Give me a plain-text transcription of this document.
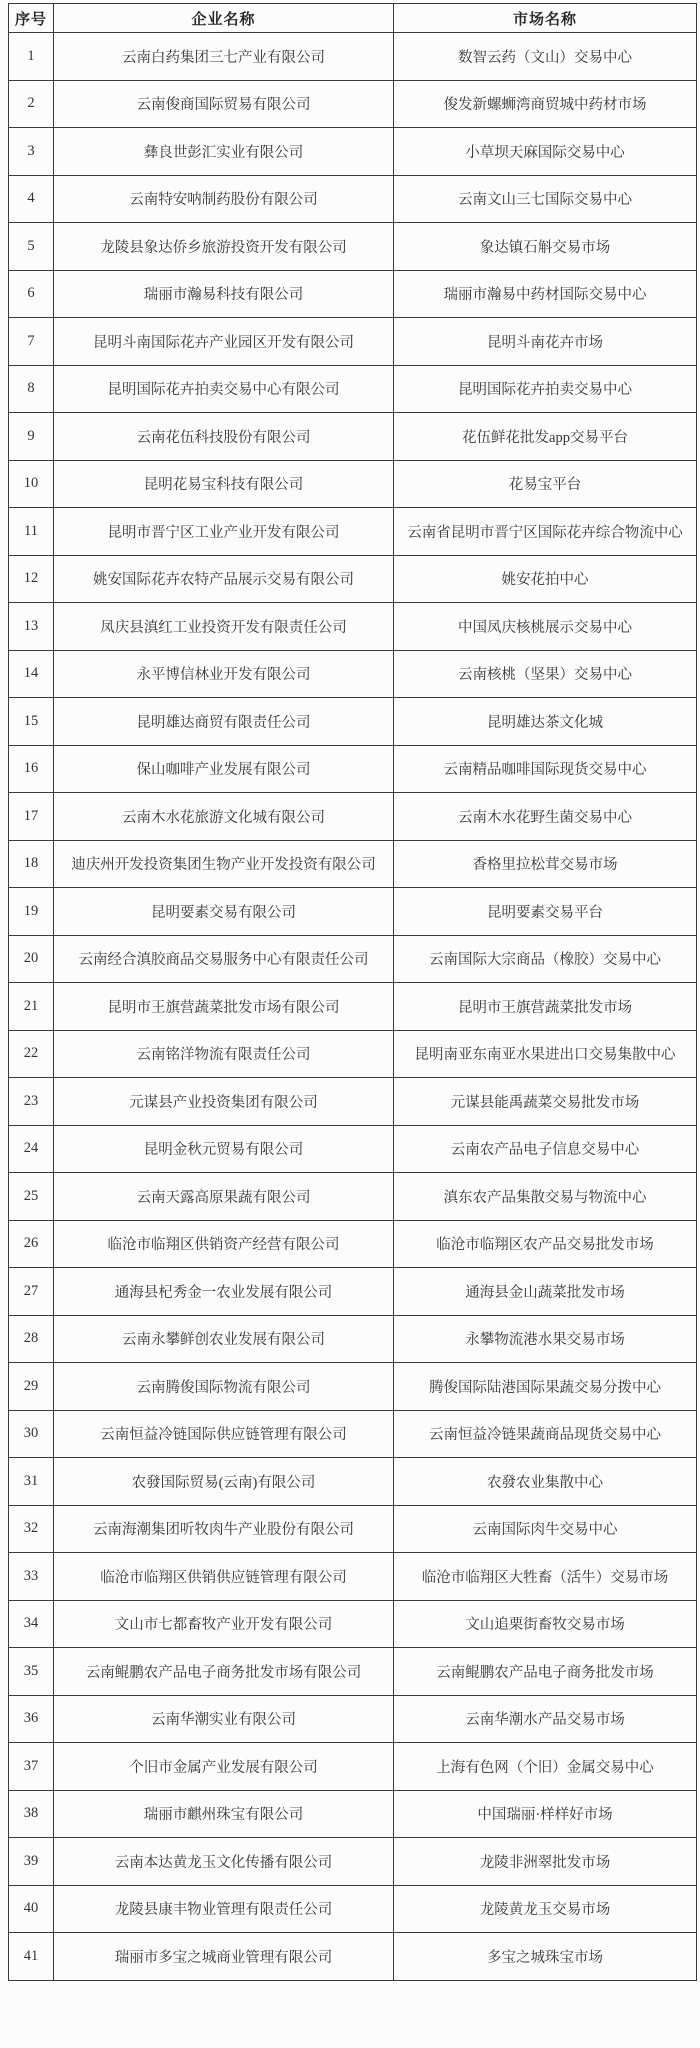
序号	企业名称	市场名称
1	云南白药集团三七产业有限公司	数智云药（文山）交易中心
2	云南俊商国际贸易有限公司	俊发新螺蛳湾商贸城中药材市场
3	彝良世彭汇实业有限公司	小草坝天麻国际交易中心
4	云南特安呐制药股份有限公司	云南文山三七国际交易中心
5	龙陵县象达侨乡旅游投资开发有限公司	象达镇石斛交易市场
6	瑞丽市瀚易科技有限公司	瑞丽市瀚易中药材国际交易中心
7	昆明斗南国际花卉产业园区开发有限公司	昆明斗南花卉市场
8	昆明国际花卉拍卖交易中心有限公司	昆明国际花卉拍卖交易中心
9	云南花伍科技股份有限公司	花伍鲜花批发app交易平台
10	昆明花易宝科技有限公司	花易宝平台
11	昆明市晋宁区工业产业开发有限公司	云南省昆明市晋宁区国际花卉综合物流中心
12	姚安国际花卉农特产品展示交易有限公司	姚安花拍中心
13	凤庆县滇红工业投资开发有限责任公司	中国凤庆核桃展示交易中心
14	永平博信林业开发有限公司	云南核桃（坚果）交易中心
15	昆明雄达商贸有限责任公司	昆明雄达茶文化城
16	保山咖啡产业发展有限公司	云南精品咖啡国际现货交易中心
17	云南木水花旅游文化城有限公司	云南木水花野生菌交易中心
18	迪庆州开发投资集团生物产业开发投资有限公司	香格里拉松茸交易市场
19	昆明要素交易有限公司	昆明要素交易平台
20	云南经合滇胶商品交易服务中心有限责任公司	云南国际大宗商品（橡胶）交易中心
21	昆明市王旗营蔬菜批发市场有限公司	昆明市王旗营蔬菜批发市场
22	云南铭洋物流有限责任公司	昆明南亚东南亚水果进出口交易集散中心
23	元谋县产业投资集团有限公司	元谋县能禹蔬菜交易批发市场
24	昆明金秋元贸易有限公司	云南农产品电子信息交易中心
25	云南天露高原果蔬有限公司	滇东农产品集散交易与物流中心
26	临沧市临翔区供销资产经营有限公司	临沧市临翔区农产品交易批发市场
27	通海县杞秀金一农业发展有限公司	通海县金山蔬菜批发市场
28	云南永攀鲜创农业发展有限公司	永攀物流港水果交易市场
29	云南腾俊国际物流有限公司	腾俊国际陆港国际果蔬交易分拨中心
30	云南恒益冷链国际供应链管理有限公司	云南恒益冷链果蔬商品现货交易中心
31	农發国际贸易(云南)有限公司	农發农业集散中心
32	云南海潮集团听牧肉牛产业股份有限公司	云南国际肉牛交易中心
33	临沧市临翔区供销供应链管理有限公司	临沧市临翔区大牲畜（活牛）交易市场
34	文山市七都畜牧产业开发有限公司	文山追栗街畜牧交易市场
35	云南鲲鹏农产品电子商务批发市场有限公司	云南鲲鹏农产品电子商务批发市场
36	云南华潮实业有限公司	云南华潮水产品交易市场
37	个旧市金属产业发展有限公司	上海有色网（个旧）金属交易中心
38	瑞丽市麒州珠宝有限公司	中国瑞丽·样样好市场
39	云南本达黄龙玉文化传播有限公司	龙陵非洲翠批发市场
40	龙陵县康丰物业管理有限责任公司	龙陵黄龙玉交易市场
41	瑞丽市多宝之城商业管理有限公司	多宝之城珠宝市场
